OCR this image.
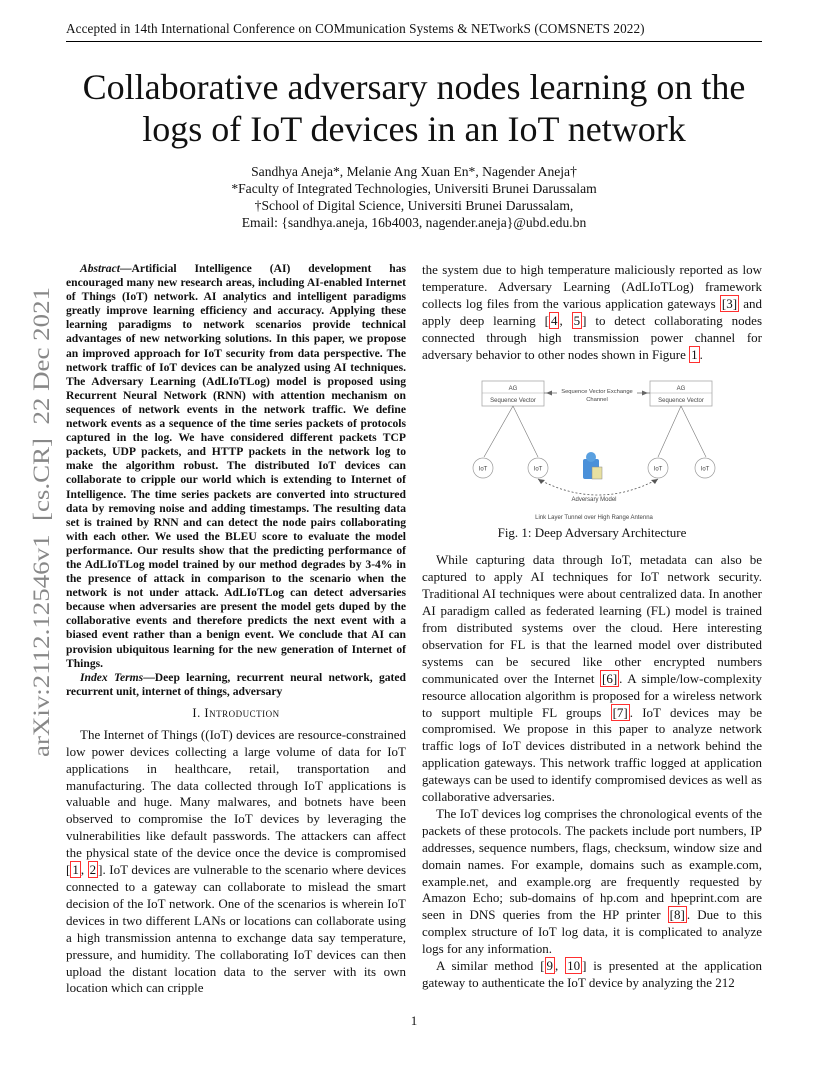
Accepted in 14th International Conference on COMmunication Systems & NETworkS (COMSNETS 2022)
Collaborative adversary nodes learning on the logs of IoT devices in an IoT network
Sandhya Aneja*, Melanie Ang Xuan En*, Nagender Aneja†
*Faculty of Integrated Technologies, Universiti Brunei Darussalam
†School of Digital Science, Universiti Brunei Darussalam,
Email: {sandhya.aneja, 16b4003, nagender.aneja}@ubd.edu.bn
arXiv:2112.12546v1  [cs.CR]  22 Dec 2021

Abstract—Artificial Intelligence (AI) development has encouraged many new research areas, including AI-enabled Internet of Things (IoT) network. AI analytics and intelligent paradigms greatly improve learning efficiency and accuracy. Applying these learning paradigms to network scenarios provide technical advantages of new networking solutions. In this paper, we propose an improved approach for IoT security from data perspective. The network traffic of IoT devices can be analyzed using AI techniques. The Adversary Learning (AdLIoTLog) model is proposed using Recurrent Neural Network (RNN) with attention mechanism on sequences of network events in the network traffic. We define network events as a sequence of the time series packets of protocols captured in the log. We have considered different packets TCP packets, UDP packets, and HTTP packets in the network log to make the algorithm robust. The distributed IoT devices can collaborate to cripple our world which is extending to Internet of Intelligence. The time series packets are converted into structured data by removing noise and adding timestamps. The resulting data set is trained by RNN and can detect the node pairs collaborating with each other. We used the BLEU score to evaluate the model performance. Our results show that the predicting performance of the AdLIoTLog model trained by our method degrades by 3-4% in the presence of attack in comparison to the scenario when the network is not under attack. AdLIoTLog can detect adversaries because when adversaries are present the model gets duped by the collaborative events and therefore predicts the next event with a biased event rather than a benign event. We conclude that AI can provision ubiquitous learning for the new generation of Internet of Things.

Index Terms—Deep learning, recurrent neural network, gated recurrent unit, internet of things, adversary

I. Introduction

The Internet of Things ((IoT) devices are resource-constrained low power devices collecting a large volume of data for IoT applications in healthcare, retail, transportation and manufacturing. The data collected through IoT applications is valuable and huge. Many malwares, and botnets have been observed to compromise the IoT devices by leveraging the vulnerabilities like default passwords. The attackers can affect the physical state of the device once the device is compromised [ 1 , 2 ]. IoT devices are vulnerable to the scenario where devices connected to a gateway can collaborate to mislead the smart decision of the IoT network. One of the scenarios is wherein IoT devices in two different LANs or locations can collaborate using a high transmission antenna to exchange data say temperature, pressure, and humidity. The collaborating IoT devices can then upload the distant location data to the server with its own location which can cripple

the system due to high temperature maliciously reported as low temperature. Adversary Learning (AdLIoTLog) framework collects log files from the various application gateways [3] and apply deep learning [ 4 , 5 ] to detect collaborating nodes connected through high transmission power channel for adversary behavior to other nodes shown in Figure 1 .

AG
Sequence Vector
AG
Sequence Vector
Sequence Vector Exchange
Channel
IoT	IoT	IoT	IoT
Adversary Model
Link Layer Tunnel over High Range Antenna
Fig. 1: Deep Adversary Architecture

While capturing data through IoT, metadata can also be captured to apply AI techniques for IoT network security. Traditional AI techniques were about centralized data. In another AI paradigm called as federated learning (FL) model is trained from distributed systems over the cloud. Here interesting observation for FL is that the learned model over distributed systems can be secured like other encrypted numbers communicated over the Internet [6] . A simple/low-complexity resource allocation algorithm is proposed for a wireless network to support multiple FL groups [7] . IoT devices may be compromised. We propose in this paper to analyze network traffic logs of IoT devices distributed in a network behind the application gateways. This network traffic logged at application gateways can be used to identify compromised devices as well as collaborative adversaries.

The IoT devices log comprises the chronological events of the packets of these protocols. The packets include port numbers, IP addresses, sequence numbers, flags, checksum, window size and domain names. For example, domains such as example.com, example.net, and example.org are frequently requested by Amazon Echo; sub-domains of hp.com and hpeprint.com are seen in DNS queries from the HP printer [8] . Due to this complex structure of IoT log data, it is complicated to analyze logs for any information.

A similar method [ 9 , 10 ] is presented at the application gateway to authenticate the IoT device by analyzing the 212

1
